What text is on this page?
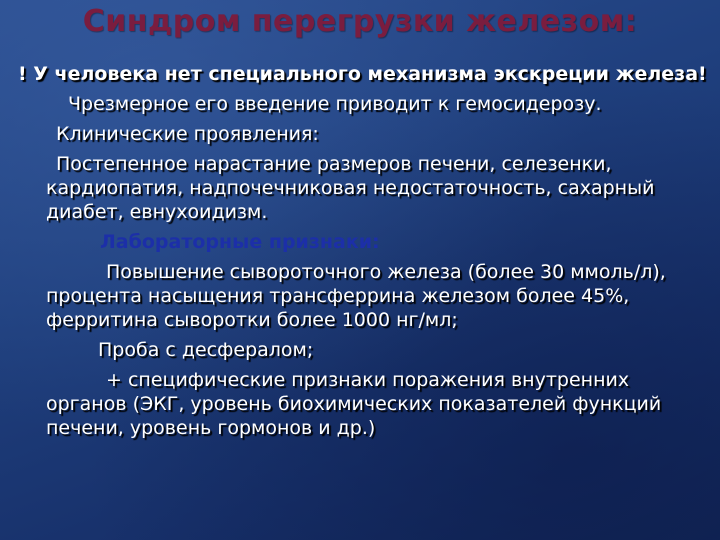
Синдром перегрузки железом:
! У человека нет специального механизма экскреции железа!
Чрезмерное его введение приводит к гемосидерозу.
Клинические проявления:
Постепенное нарастание размеров печени, селезенки, кардиопатия, надпочечниковая недостаточность, сахарный диабет, евнухоидизм.
Лабораторные признаки:
Повышение сывороточного железа (более 30 ммоль/л), процента насыщения трансферрина железом более 45%, ферритина сыворотки более 1000 нг/мл;
Проба с десфералом;
+ специфические признаки поражения внутренних органов (ЭКГ, уровень биохимических показателей функций печени, уровень гормонов и др.)
